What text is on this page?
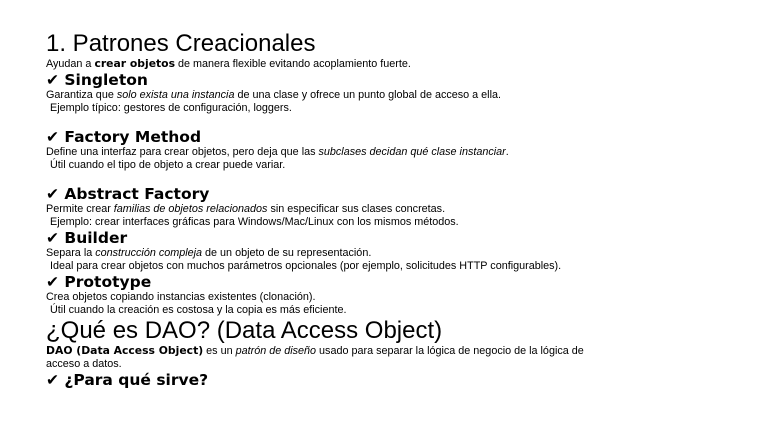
1. Patrones Creacionales
Ayudan a crear objetos de manera flexible evitando acoplamiento fuerte.
✔ Singleton
Garantiza que solo exista una instancia de una clase y ofrece un punto global de acceso a ella.
Ejemplo típico: gestores de configuración, loggers.
✔ Factory Method
Define una interfaz para crear objetos, pero deja que las subclases decidan qué clase instanciar.
Útil cuando el tipo de objeto a crear puede variar.
✔ Abstract Factory
Permite crear familias de objetos relacionados sin especificar sus clases concretas.
Ejemplo: crear interfaces gráficas para Windows/Mac/Linux con los mismos métodos.
✔ Builder
Separa la construcción compleja de un objeto de su representación.
Ideal para crear objetos con muchos parámetros opcionales (por ejemplo, solicitudes HTTP configurables).
✔ Prototype
Crea objetos copiando instancias existentes (clonación).
Útil cuando la creación es costosa y la copia es más eficiente.
¿Qué es DAO? (Data Access Object)
DAO (Data Access Object) es un patrón de diseño usado para separar la lógica de negocio de la lógica de
acceso a datos.
✔ ¿Para qué sirve?
